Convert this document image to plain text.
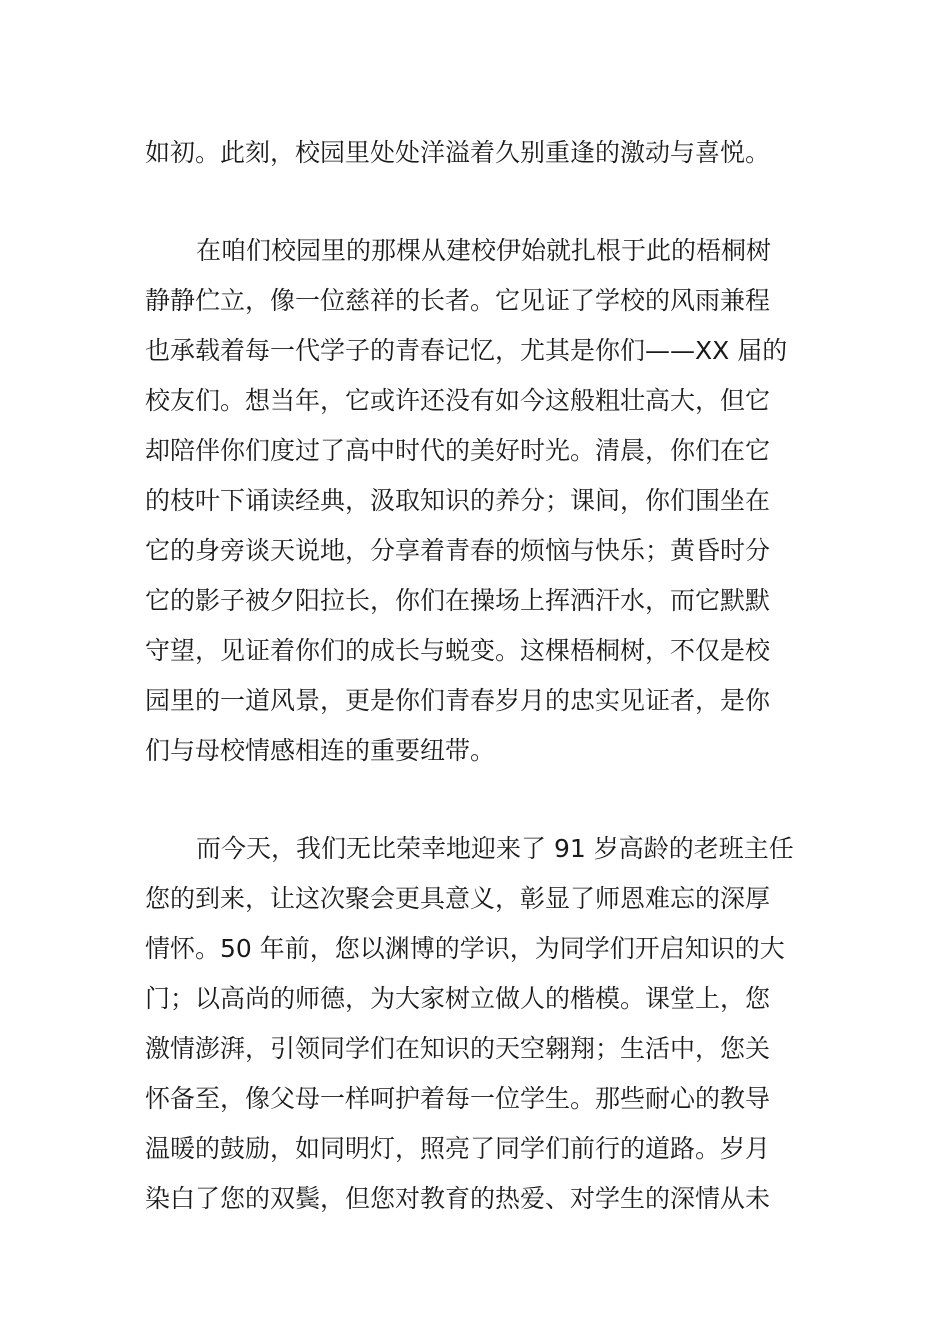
如初。此刻，校园里处处洋溢着久别重逢的激动与喜悦。
在咱们校园里的那棵从建校伊始就扎根于此的梧桐树
静静伫立，像一位慈祥的长者。它见证了学校的风雨兼程
也承载着每一代学子的青春记忆，尤其是你们——XX 届的
校友们。想当年，它或许还没有如今这般粗壮高大，但它
却陪伴你们度过了高中时代的美好时光。清晨，你们在它
的枝叶下诵读经典，汲取知识的养分；课间，你们围坐在
它的身旁谈天说地，分享着青春的烦恼与快乐；黄昏时分
它的影子被夕阳拉长，你们在操场上挥洒汗水，而它默默
守望，见证着你们的成长与蜕变。这棵梧桐树，不仅是校
园里的一道风景，更是你们青春岁月的忠实见证者，是你
们与母校情感相连的重要纽带。
而今天，我们无比荣幸地迎来了 91 岁高龄的老班主任
您的到来，让这次聚会更具意义，彰显了师恩难忘的深厚
情怀。50 年前，您以渊博的学识，为同学们开启知识的大
门；以高尚的师德，为大家树立做人的楷模。课堂上，您
激情澎湃，引领同学们在知识的天空翱翔；生活中，您关
怀备至，像父母一样呵护着每一位学生。那些耐心的教导
温暖的鼓励，如同明灯，照亮了同学们前行的道路。岁月
染白了您的双鬓，但您对教育的热爱、对学生的深情从未
